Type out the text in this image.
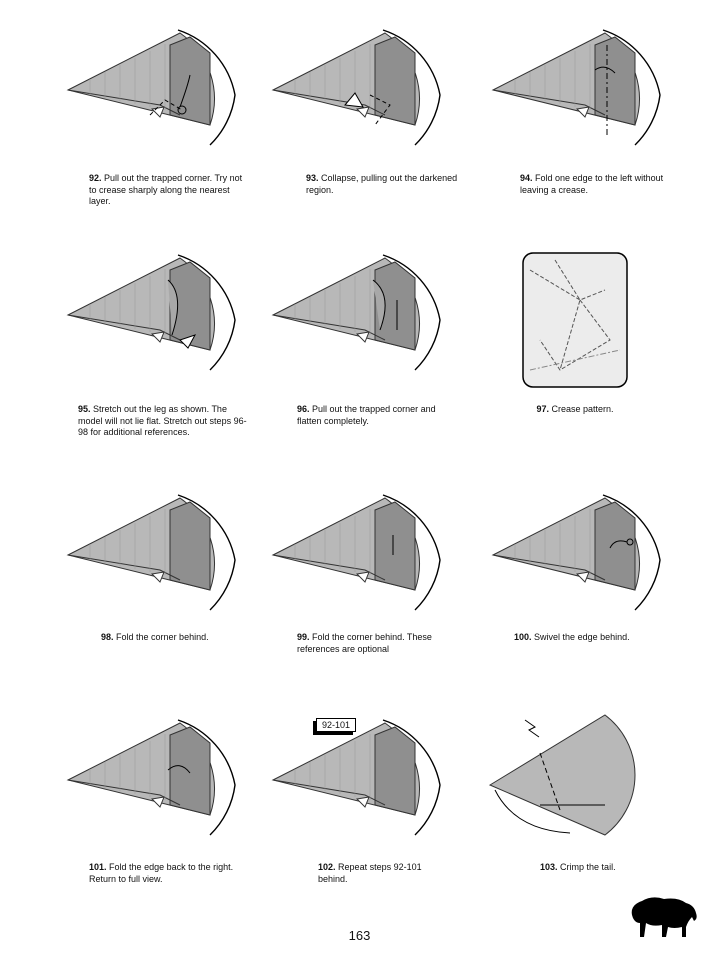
92. Pull out the trapped corner. Try not to crease sharply along the nearest layer.
93. Collapse, pulling out the darkened region.
94. Fold one edge to the left without leaving a crease.
95. Stretch out the leg as shown. The model will not lie flat. Stretch out steps 96-98 for additional references.
96. Pull out the trapped corner and flatten completely.
97. Crease pattern.
98. Fold the corner behind.	99. Fold the corner behind. These references are optional
100. Swivel the edge behind.
92-101
101. Fold the edge back to the right. Return to full view.
102. Repeat steps 92-101 behind.
103. Crimp the tail.
163
